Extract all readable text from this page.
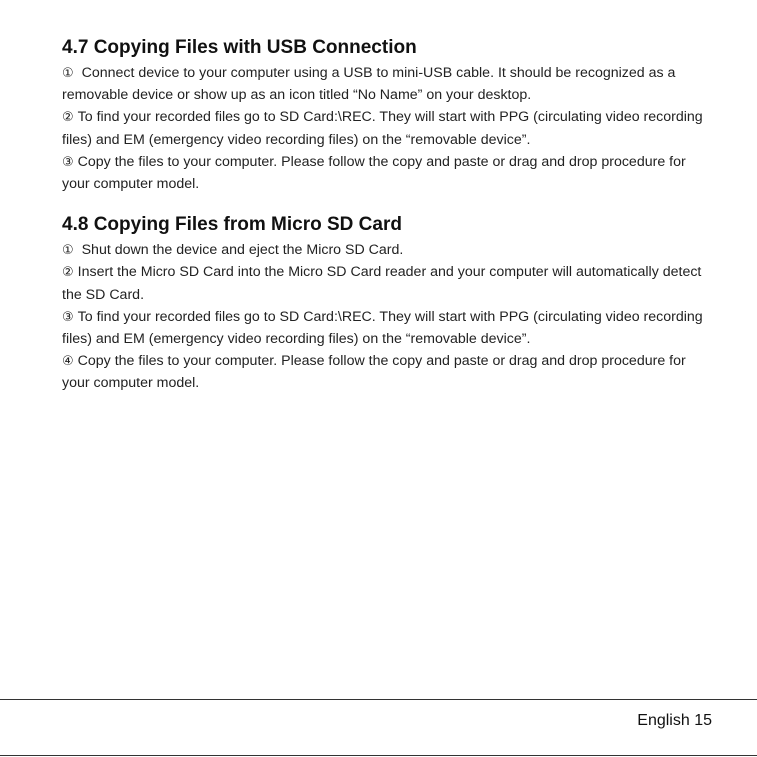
4.7 Copying Files with USB Connection

① Connect device to your computer using a USB to mini-USB cable. It should be recognized as a removable device or show up as an icon titled “No Name” on your desktop.

② To find your recorded files go to SD Card:\REC. They will start with PPG (circulating video recording files) and EM (emergency video recording files) on the “removable device”.

③ Copy the files to your computer. Please follow the copy and paste or drag and drop procedure for your computer model.

4.8 Copying Files from Micro SD Card

① Shut down the device and eject the Micro SD Card.

② Insert the Micro SD Card into the Micro SD Card reader and your computer will automatically detect the SD Card.

③ To find your recorded files go to SD Card:\REC. They will start with PPG (circulating video recording files) and EM (emergency video recording files) on the “removable device”.

④ Copy the files to your computer. Please follow the copy and paste or drag and drop procedure for your computer model.

English 15
